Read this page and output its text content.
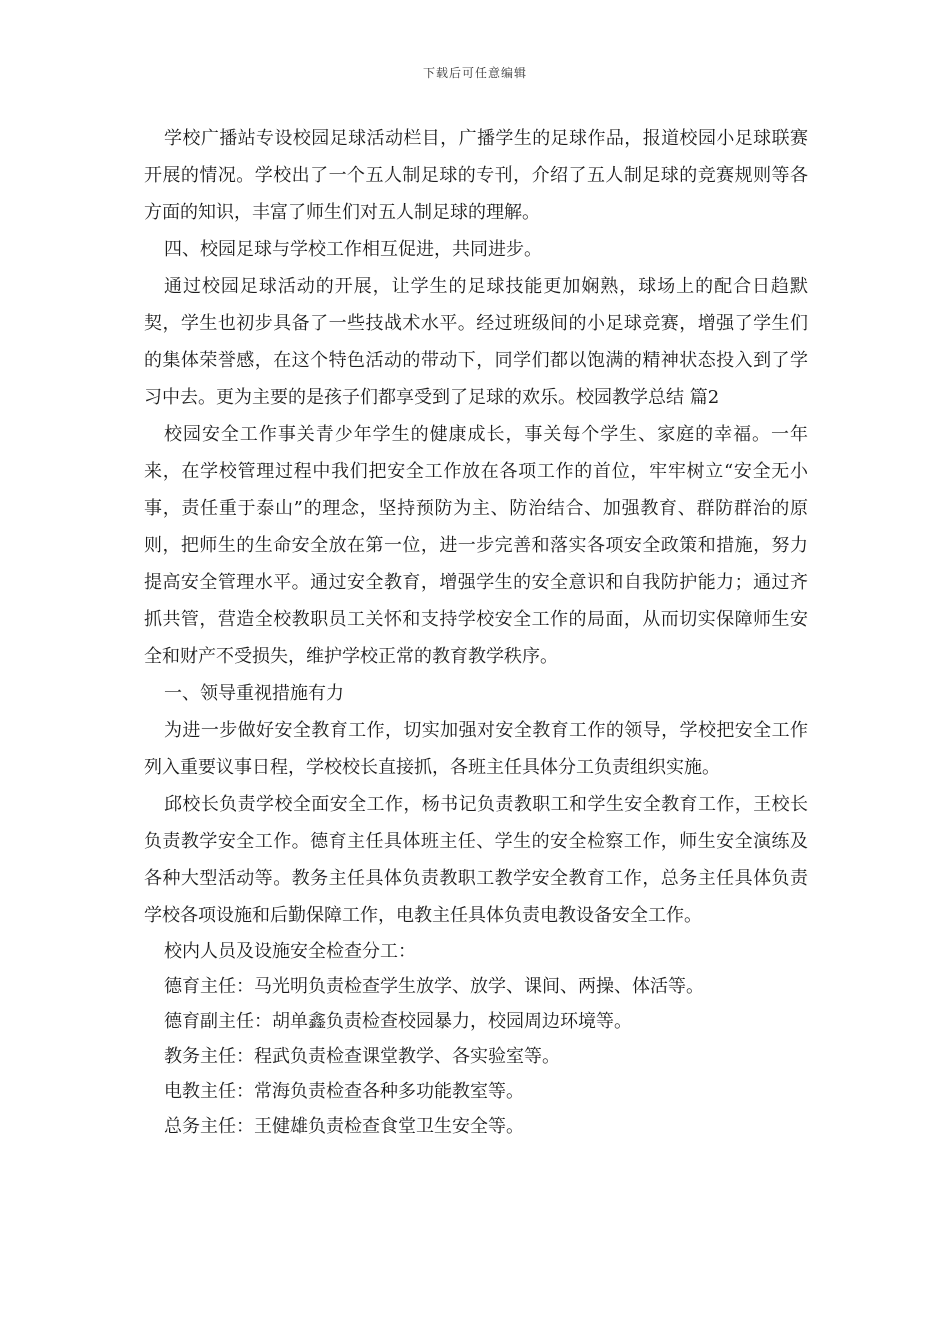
下载后可任意编辑

学校广播站专设校园足球活动栏目，广播学生的足球作品，报道校园小足球联赛开展的情况。学校出了一个五人制足球的专刊，介绍了五人制足球的竞赛规则等各方面的知识，丰富了师生们对五人制足球的理解。

四、校园足球与学校工作相互促进，共同进步。

通过校园足球活动的开展，让学生的足球技能更加娴熟，球场上的配合日趋默契，学生也初步具备了一些技战术水平。经过班级间的小足球竞赛，增强了学生们的集体荣誉感，在这个特色活动的带动下，同学们都以饱满的精神状态投入到了学习中去。更为主要的是孩子们都享受到了足球的欢乐。校园教学总结 篇2

校园安全工作事关青少年学生的健康成长，事关每个学生、家庭的幸福。一年来，在学校管理过程中我们把安全工作放在各项工作的首位，牢牢树立“安全无小事，责任重于泰山”的理念，坚持预防为主、防治结合、加强教育、群防群治的原则，把师生的生命安全放在第一位，进一步完善和落实各项安全政策和措施，努力提高安全管理水平。通过安全教育，增强学生的安全意识和自我防护能力；通过齐抓共管，营造全校教职员工关怀和支持学校安全工作的局面，从而切实保障师生安全和财产不受损失，维护学校正常的教育教学秩序。

一、领导重视措施有力

为进一步做好安全教育工作，切实加强对安全教育工作的领导，学校把安全工作列入重要议事日程，学校校长直接抓，各班主任具体分工负责组织实施。

邱校长负责学校全面安全工作，杨书记负责教职工和学生安全教育工作，王校长负责教学安全工作。德育主任具体班主任、学生的安全检察工作，师生安全演练及各种大型活动等。教务主任具体负责教职工教学安全教育工作，总务主任具体负责学校各项设施和后勤保障工作，电教主任具体负责电教设备安全工作。

校内人员及设施安全检查分工：

德育主任：马光明负责检查学生放学、放学、课间、两操、体活等。

德育副主任：胡单鑫负责检查校园暴力，校园周边环境等。

教务主任：程武负责检查课堂教学、各实验室等。

电教主任：常海负责检查各种多功能教室等。

总务主任：王健雄负责检查食堂卫生安全等。
